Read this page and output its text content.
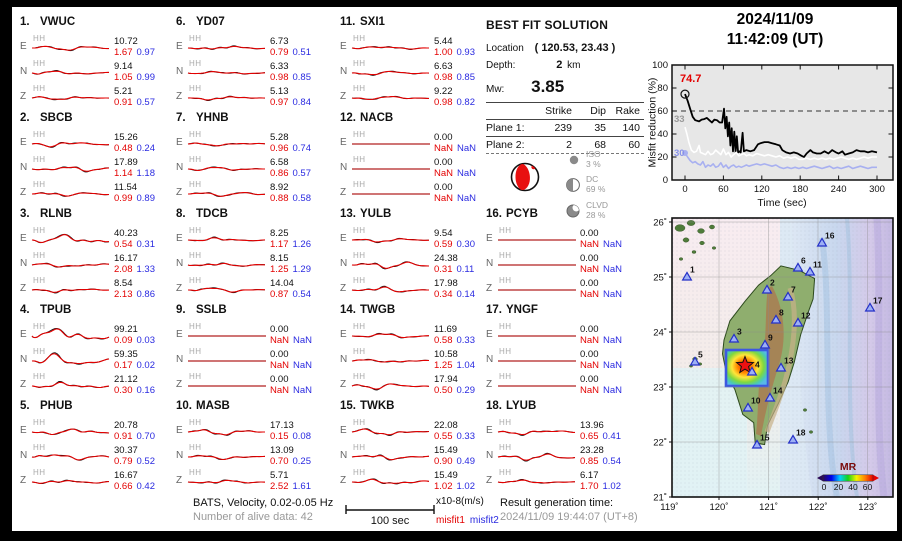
1. VWUC
E
HH	10.72
1.67 0.97
N
HH	9.14
1.05 0.99
Z
HH	5.21
0.91 0.57
2. SBCB
E
HH	15.26
0.48 0.24
N
HH	17.89
1.14 1.18
Z
HH	11.54
0.99 0.89
3. RLNB
E
HH	40.23
0.54 0.31
N
HH	16.17
2.08 1.33
Z
HH	8.54
2.13 0.86
4. TPUB
E
HH	99.21
0.09 0.03
N
HH	59.35
0.17 0.02
Z
HH	21.12
0.30 0.16
5. PHUB
E
HH	20.78
0.91 0.70
N
HH	30.37
0.79 0.52
Z
HH	16.67
0.66 0.42
6. YD07
E
HH	6.73
0.79 0.51
N
HH	6.33
0.98 0.85
Z
HH	5.13
0.97 0.84
7. YHNB
E
HH	5.28
0.96 0.74
N
HH	6.58
0.86 0.57
Z
HH	8.92
0.88 0.58
8. TDCB
E
HH	8.25
1.17 1.26
N
HH	8.15
1.25 1.29
Z
HH	14.04
0.87 0.54
9. SSLB
E
HH	0.00
NaN NaN
N
HH	0.00
NaN NaN
Z
HH	0.00
NaN NaN
10. MASB
E
HH	17.13
0.15 0.08
N
HH	13.09
0.70 0.25
Z
HH	5.71
2.52 1.61
11. SXI1
E
HH	5.44
1.00 0.93
N
HH	6.63
0.98 0.85
Z
HH	9.22
0.98 0.82
12. NACB
E
HH	0.00
NaN NaN
N
HH	0.00
NaN NaN
Z
HH	0.00
NaN NaN
13. YULB
E
HH	9.54
0.59 0.30
N
HH	24.38
0.31 0.11
Z
HH	17.98
0.34 0.14
14. TWGB
E
HH	11.69
0.58 0.33
N
HH	10.58
1.25 1.04
Z
HH	17.94
0.50 0.29
15. TWKB
E
HH	22.08
0.55 0.33
N
HH	15.49
0.90 0.49
Z
HH	15.49
1.02 1.02
16. PCYB
E
HH	0.00
NaN NaN
N
HH	0.00
NaN NaN
Z
HH	0.00
NaN NaN
17. YNGF
E
HH	0.00
NaN NaN
N
HH	0.00
NaN NaN
Z
HH	0.00
NaN NaN
18. LYUB
E
HH	13.96
0.65 0.41
N
HH	23.28
0.85 0.54
Z
HH	6.17
1.70 1.02
BEST FIT SOLUTION
Location ( 120.53, 23.43 )
Depth:	2 km
Mw: 3.85
Strike	Dip Rake
Plane 1:	239	35	140
Plane 2:	2	68	60
ISO
3 %
DC
69 %
CLVD
28 %
2024/11/09
11:42:09 (UT)
0	60	120 180 240 300
0
20
40
60
80
100
74.7
33
30
Misfit reduction (%)
Time (sec)
1
2
3
4
5
6
7
8
9
10
11
12
13
14
15
16
17
18
MR
0 20 40 60
26˚
25˚
24˚
23˚
22˚
21˚
119˚	120˚	121˚	122˚	123˚
BATS, Velocity, 0.02-0.05 Hz
Number of alive data: 42	100 sec
x10-8(m/s)
misfit1 misfit2
Result generation time:
2024/11/09 19:44:07 (UT+8)
